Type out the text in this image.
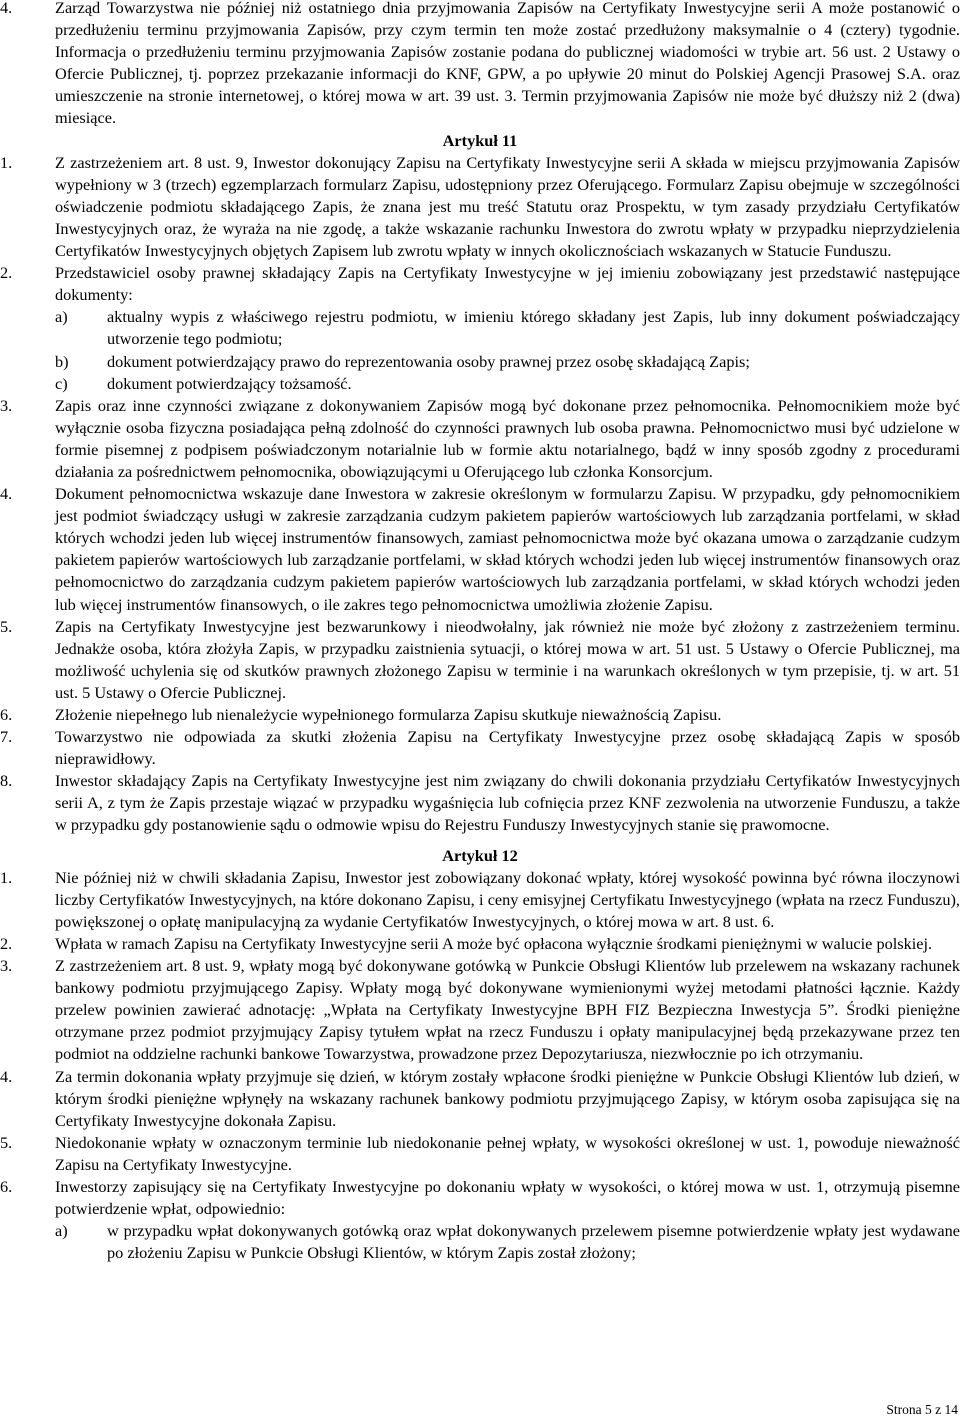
4.	Zarząd Towarzystwa nie później niż ostatniego dnia przyjmowania Zapisów na Certyfikaty Inwestycyjne serii A może postanowić o przedłużeniu terminu przyjmowania Zapisów, przy czym termin ten może zostać przedłużony maksymalnie o 4 (cztery) tygodnie. Informacja o przedłużeniu terminu przyjmowania Zapisów zostanie podana do publicznej wiadomości w trybie art. 56 ust. 2 Ustawy o Ofercie Publicznej, tj. poprzez przekazanie informacji do KNF, GPW, a po upływie 20 minut do Polskiej Agencji Prasowej S.A. oraz umieszczenie na stronie internetowej, o której mowa w art. 39 ust. 3. Termin przyjmowania Zapisów nie może być dłuższy niż 2 (dwa) miesiące.
Artykuł 11
1.	Z zastrzeżeniem art. 8 ust. 9, Inwestor dokonujący Zapisu na Certyfikaty Inwestycyjne serii A składa w miejscu przyjmowania Zapisów wypełniony w 3 (trzech) egzemplarzach formularz Zapisu, udostępniony przez Oferującego. Formularz Zapisu obejmuje w szczególności oświadczenie podmiotu składającego Zapis, że znana jest mu treść Statutu oraz Prospektu, w tym zasady przydziału Certyfikatów Inwestycyjnych oraz, że wyraża na nie zgodę, a także wskazanie rachunku Inwestora do zwrotu wpłaty w przypadku nieprzydzielenia Certyfikatów Inwestycyjnych objętych Zapisem lub zwrotu wpłaty w innych okolicznościach wskazanych w Statucie Funduszu.
2.	Przedstawiciel osoby prawnej składający Zapis na Certyfikaty Inwestycyjne w jej imieniu zobowiązany jest przedstawić następujące dokumenty:
a) aktualny wypis z właściwego rejestru podmiotu, w imieniu którego składany jest Zapis, lub inny dokument poświadczający utworzenie tego podmiotu;
b) dokument potwierdzający prawo do reprezentowania osoby prawnej przez osobę składającą Zapis;
c) dokument potwierdzający tożsamość.
3.	Zapis oraz inne czynności związane z dokonywaniem Zapisów mogą być dokonane przez pełnomocnika. Pełnomocnikiem może być wyłącznie osoba fizyczna posiadająca pełną zdolność do czynności prawnych lub osoba prawna. Pełnomocnictwo musi być udzielone w formie pisemnej z podpisem poświadczonym notarialnie lub w formie aktu notarialnego, bądź w inny sposób zgodny z procedurami działania za pośrednictwem pełnomocnika, obowiązującymi u Oferującego lub członka Konsorcjum.
4.	Dokument pełnomocnictwa wskazuje dane Inwestora w zakresie określonym w formularzu Zapisu. W przypadku, gdy pełnomocnikiem jest podmiot świadczący usługi w zakresie zarządzania cudzym pakietem papierów wartościowych lub zarządzania portfelami, w skład których wchodzi jeden lub więcej instrumentów finansowych, zamiast pełnomocnictwa może być okazana umowa o zarządzanie cudzym pakietem papierów wartościowych lub zarządzanie portfelami, w skład których wchodzi jeden lub więcej instrumentów finansowych oraz pełnomocnictwo do zarządzania cudzym pakietem papierów wartościowych lub zarządzania portfelami, w skład których wchodzi jeden lub więcej instrumentów finansowych, o ile zakres tego pełnomocnictwa umożliwia złożenie Zapisu.
5.	Zapis na Certyfikaty Inwestycyjne jest bezwarunkowy i nieodwołalny, jak również nie może być złożony z zastrzeżeniem terminu. Jednakże osoba, która złożyła Zapis, w przypadku zaistnienia sytuacji, o której mowa w art. 51 ust. 5 Ustawy o Ofercie Publicznej, ma możliwość uchylenia się od skutków prawnych złożonego Zapisu w terminie i na warunkach określonych w tym przepisie, tj. w art. 51 ust. 5 Ustawy o Ofercie Publicznej.
6.	Złożenie niepełnego lub nienależycie wypełnionego formularza Zapisu skutkuje nieważnością Zapisu.
7.	Towarzystwo nie odpowiada za skutki złożenia Zapisu na Certyfikaty Inwestycyjne przez osobę składającą Zapis w sposób nieprawidłowy.
8.	Inwestor składający Zapis na Certyfikaty Inwestycyjne jest nim związany do chwili dokonania przydziału Certyfikatów Inwestycyjnych serii A, z tym że Zapis przestaje wiązać w przypadku wygaśnięcia lub cofnięcia przez KNF zezwolenia na utworzenie Funduszu, a także w przypadku gdy postanowienie sądu o odmowie wpisu do Rejestru Funduszy Inwestycyjnych stanie się prawomocne.
Artykuł 12
1.	Nie później niż w chwili składania Zapisu, Inwestor jest zobowiązany dokonać wpłaty, której wysokość powinna być równa iloczynowi liczby Certyfikatów Inwestycyjnych, na które dokonano Zapisu, i ceny emisyjnej Certyfikatu Inwestycyjnego (wpłata na rzecz Funduszu), powiększonej o opłatę manipulacyjną za wydanie Certyfikatów Inwestycyjnych, o której mowa w art. 8 ust. 6.
2.	Wpłata w ramach Zapisu na Certyfikaty Inwestycyjne serii A może być opłacona wyłącznie środkami pieniężnymi w walucie polskiej.
3.	Z zastrzeżeniem art. 8 ust. 9, wpłaty mogą być dokonywane gotówką w Punkcie Obsługi Klientów lub przelewem na wskazany rachunek bankowy podmiotu przyjmującego Zapisy. Wpłaty mogą być dokonywane wymienionymi wyżej metodami płatności łącznie. Każdy przelew powinien zawierać adnotację: „Wpłata na Certyfikaty Inwestycyjne BPH FIZ Bezpieczna Inwestycja 5”. Środki pieniężne otrzymane przez podmiot przyjmujący Zapisy tytułem wpłat na rzecz Funduszu i opłaty manipulacyjnej będą przekazywane przez ten podmiot na oddzielne rachunki bankowe Towarzystwa, prowadzone przez Depozytariusza, niezwłocznie po ich otrzymaniu.
4.	Za termin dokonania wpłaty przyjmuje się dzień, w którym zostały wpłacone środki pieniężne w Punkcie Obsługi Klientów lub dzień, w którym środki pieniężne wpłynęły na wskazany rachunek bankowy podmiotu przyjmującego Zapisy, w którym osoba zapisująca się na Certyfikaty Inwestycyjne dokonała Zapisu.
5.	Niedokonanie wpłaty w oznaczonym terminie lub niedokonanie pełnej wpłaty, w wysokości określonej w ust. 1, powoduje nieważność Zapisu na Certyfikaty Inwestycyjne.
6.	Inwestorzy zapisujący się na Certyfikaty Inwestycyjne po dokonaniu wpłaty w wysokości, o której mowa w ust. 1, otrzymują pisemne potwierdzenie wpłat, odpowiednio:
a) w przypadku wpłat dokonywanych gotówką oraz wpłat dokonywanych przelewem pisemne potwierdzenie wpłaty jest wydawane po złożeniu Zapisu w Punkcie Obsługi Klientów, w którym Zapis został złożony;
Strona 5 z 14
